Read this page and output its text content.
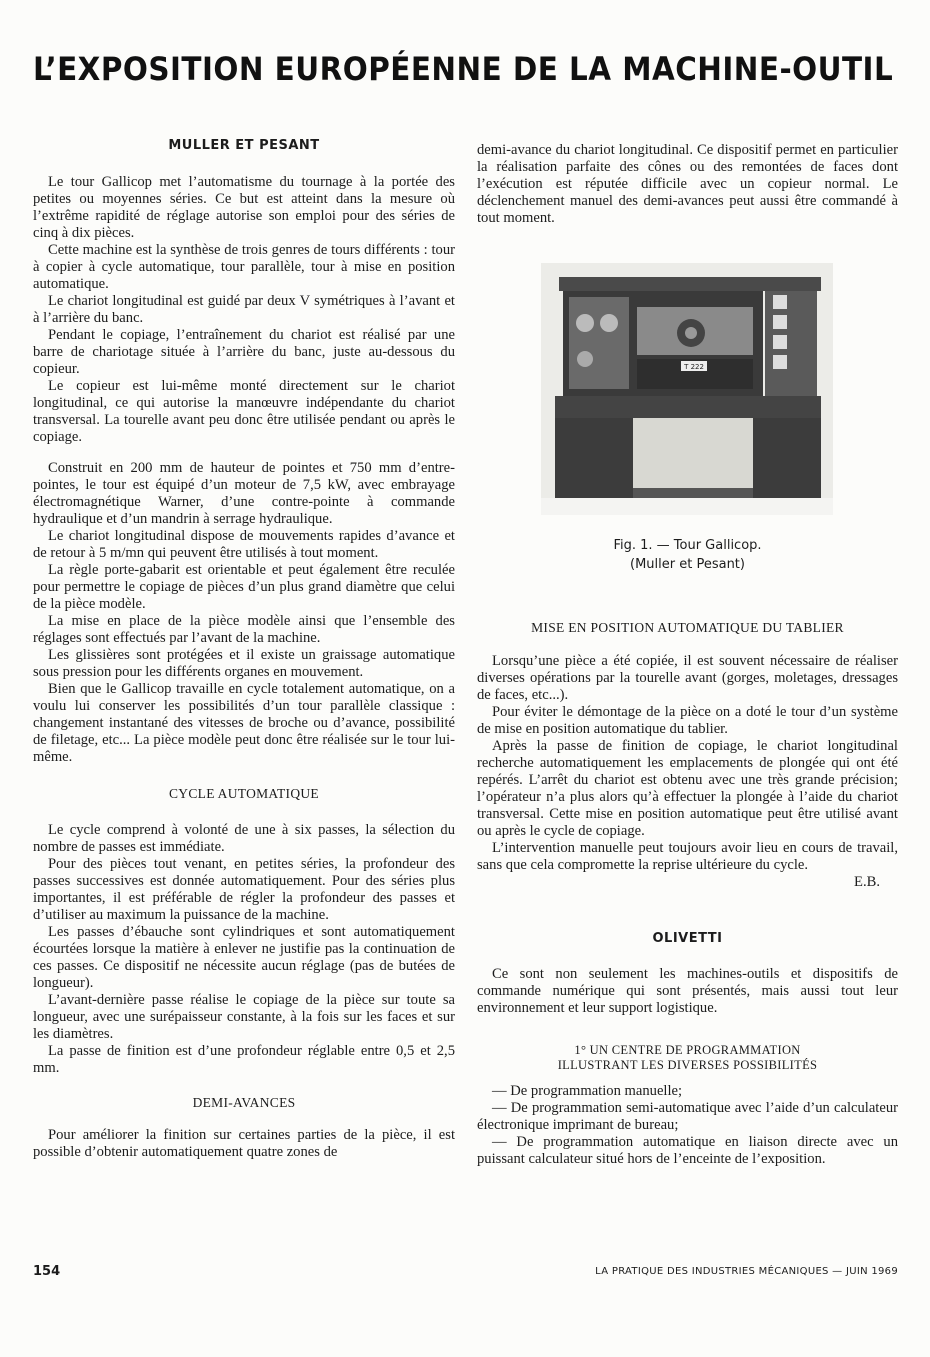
L’EXPOSITION EUROPÉENNE DE LA MACHINE-OUTIL
MULLER ET PESANT

Le tour Gallicop met l’automatisme du tournage à la portée des petites ou moyennes séries. Ce but est atteint dans la mesure où l’extrême rapidité de réglage autorise son emploi pour des séries de cinq à dix pièces.

Cette machine est la synthèse de trois genres de tours différents : tour à copier à cycle automatique, tour parallèle, tour à mise en position automatique.

Le chariot longitudinal est guidé par deux V symétriques à l’avant et à l’arrière du banc.

Pendant le copiage, l’entraînement du chariot est réalisé par une barre de chariotage située à l’arrière du banc, juste au-dessous du copieur.

Le copieur est lui-même monté directement sur le chariot longitudinal, ce qui autorise la manœuvre indépendante du chariot transversal. La tourelle avant peu donc être utilisée pendant ou après le copiage.

Construit en 200 mm de hauteur de pointes et 750 mm d’entre-pointes, le tour est équipé d’un moteur de 7,5 kW, avec embrayage électromagnétique Warner, d’une contre-pointe à commande hydraulique et d’un mandrin à serrage hydraulique.

Le chariot longitudinal dispose de mouvements rapides d’avance et de retour à 5 m/mn qui peuvent être utilisés à tout moment.

La règle porte-gabarit est orientable et peut également être reculée pour permettre le copiage de pièces d’un plus grand diamètre que celui de la pièce modèle.

La mise en place de la pièce modèle ainsi que l’ensemble des réglages sont effectués par l’avant de la machine.

Les glissières sont protégées et il existe un graissage automatique sous pression pour les différents organes en mouvement.

Bien que le Gallicop travaille en cycle totalement automatique, on a voulu lui conserver les possibilités d’un tour parallèle classique : changement instantané des vitesses de broche ou d’avance, possibilité de filetage, etc... La pièce modèle peut donc être réalisée sur le tour lui-même.

CYCLE AUTOMATIQUE

Le cycle comprend à volonté de une à six passes, la sélection du nombre de passes est immédiate.

Pour des pièces tout venant, en petites séries, la profondeur des passes successives est donnée automatiquement. Pour des séries plus importantes, il est préférable de régler la profondeur des passes et d’utiliser au maximum la puissance de la machine.

Les passes d’ébauche sont cylindriques et sont automatiquement écourtées lorsque la matière à enlever ne justifie pas la continuation de ces passes. Ce dispositif ne nécessite aucun réglage (pas de butées de longueur).

L’avant-dernière passe réalise le copiage de la pièce sur toute sa longueur, avec une surépaisseur constante, à la fois sur les faces et sur les diamètres.

La passe de finition est d’une profondeur réglable entre 0,5 et 2,5 mm.

DEMI-AVANCES

Pour améliorer la finition sur certaines parties de la pièce, il est possible d’obtenir automatiquement quatre zones de

demi-avance du chariot longitudinal. Ce dispositif permet en particulier la réalisation parfaite des cônes ou des remontées de faces dont l’exécution est réputée difficile avec un copieur normal. Le déclenchement manuel des demi-avances peut aussi être commandé à tout moment.

T 222
Fig. 1. — Tour Gallicop.
(Muller et Pesant)
MISE EN POSITION AUTOMATIQUE DU TABLIER

Lorsqu’une pièce a été copiée, il est souvent nécessaire de réaliser diverses opérations par la tourelle avant (gorges, moletages, dressages de faces, etc...).

Pour éviter le démontage de la pièce on a doté le tour d’un système de mise en position automatique du tablier.

Après la passe de finition de copiage, le chariot longitudinal recherche automatiquement les emplacements de plongée qui ont été repérés. L’arrêt du chariot est obtenu avec une très grande précision; l’opérateur n’a plus alors qu’à effectuer la plongée à l’aide du chariot transversal. Cette mise en position automatique peut être utilisé avant ou après le cycle de copiage.

L’intervention manuelle peut toujours avoir lieu en cours de travail, sans que cela compromette la reprise ultérieure du cycle.

E.B.

OLIVETTI

Ce sont non seulement les machines-outils et dispositifs de commande numérique qui sont présentés, mais aussi tout leur environnement et leur support logistique.

1° UN CENTRE DE PROGRAMMATION
ILLUSTRANT LES DIVERSES POSSIBILITÉS

— De programmation manuelle;

— De programmation semi-automatique avec l’aide d’un calculateur électronique imprimant de bureau;

— De programmation automatique en liaison directe avec un puissant calculateur situé hors de l’enceinte de l’exposition.

154	LA PRATIQUE DES INDUSTRIES MÉCANIQUES — JUIN 1969
